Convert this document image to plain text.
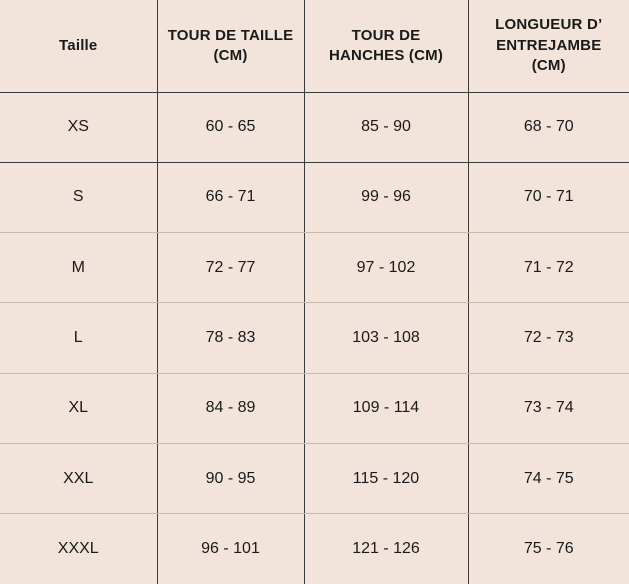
Taille	TOUR DE TAILLE (CM)	TOUR DE HANCHES (CM)	LONGUEUR D’ ENTREJAMBE (CM)
XS	60 - 65	85 - 90	68 - 70
S	66 - 71	99 - 96	70 - 71
M	72 - 77	97 - 102	71 - 72
L	78 - 83	103 - 108	72 - 73
XL	84 - 89	109 - 114	73 - 74
XXL	90 - 95	115 - 120	74 - 75
XXXL	96 - 101	121 - 126	75 - 76
